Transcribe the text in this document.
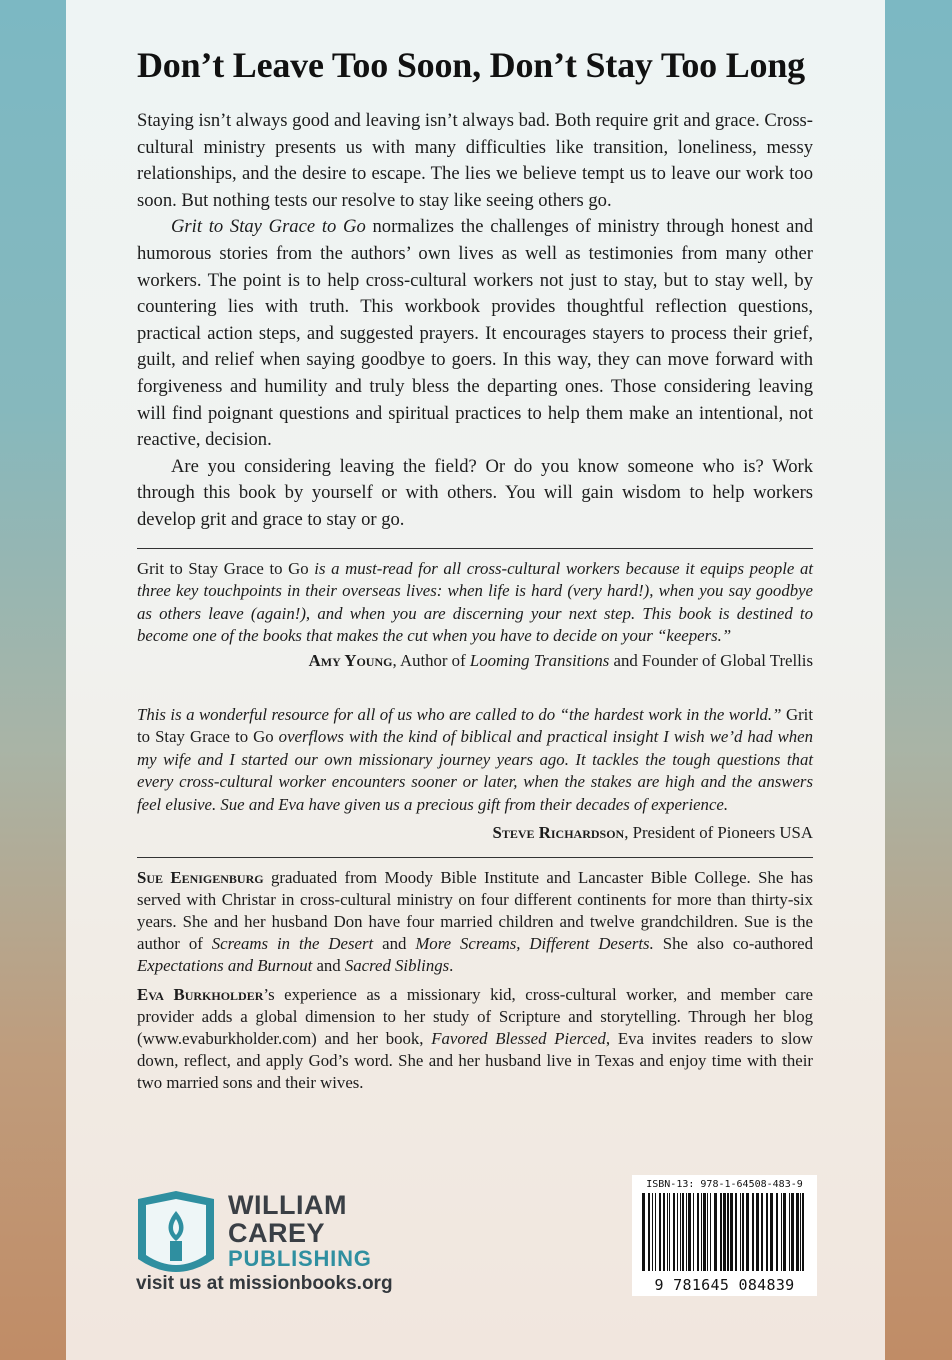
Don’t Leave Too Soon, Don’t Stay Too Long

Staying isn’t always good and leaving isn’t always bad. Both require grit and grace. Cross-cultural ministry presents us with many difficulties like transition, loneliness, messy relationships, and the desire to escape. The lies we believe tempt us to leave our work too soon. But nothing tests our resolve to stay like seeing others go.

Grit to Stay Grace to Go normalizes the challenges of ministry through honest and humorous stories from the authors’ own lives as well as testimonies from many other workers. The point is to help cross-cultural workers not just to stay, but to stay well, by countering lies with truth. This workbook provides thoughtful reflection questions, practical action steps, and suggested prayers. It encourages stayers to process their grief, guilt, and relief when saying goodbye to goers. In this way, they can move forward with forgiveness and humility and truly bless the departing ones. Those considering leaving will find poignant questions and spiritual practices to help them make an intentional, not reactive, decision.

Are you considering leaving the field? Or do you know someone who is? Work through this book by yourself or with others. You will gain wisdom to help workers develop grit and grace to stay or go.

Grit to Stay Grace to Go is a must-read for all cross-cultural workers because it equips people at three key touchpoints in their overseas lives: when life is hard (very hard!), when you say goodbye as others leave (again!), and when you are discerning your next step. This book is destined to become one of the books that makes the cut when you have to decide on your “keepers.”

Amy Young, Author of Looming Transitions and Founder of Global Trellis

This is a wonderful resource for all of us who are called to do “the hardest work in the world.” Grit to Stay Grace to Go overflows with the kind of biblical and practical insight I wish we’d had when my wife and I started our own missionary journey years ago. It tackles the tough questions that every cross-cultural worker encounters sooner or later, when the stakes are high and the answers feel elusive. Sue and Eva have given us a precious gift from their decades of experience.

Steve Richardson, President of Pioneers USA

Sue Eenigenburg graduated from Moody Bible Institute and Lancaster Bible College. She has served with Christar in cross-cultural ministry on four different continents for more than thirty-six years. She and her husband Don have four married children and twelve grandchildren. Sue is the author of Screams in the Desert and More Screams, Different Deserts. She also co-authored Expectations and Burnout and Sacred Siblings.

Eva Burkholder’s experience as a missionary kid, cross-cultural worker, and member care provider adds a global dimension to her study of Scripture and storytelling. Through her blog (www.evaburkholder.com) and her book, Favored Blessed Pierced, Eva invites readers to slow down, reflect, and apply God’s word. She and her husband live in Texas and enjoy time with their two married sons and their wives.

WILLIAM
CAREY
PUBLISHING
visit us at missionbooks.org
ISBN-13: 978-1-64508-483-9
9 781645 084839
